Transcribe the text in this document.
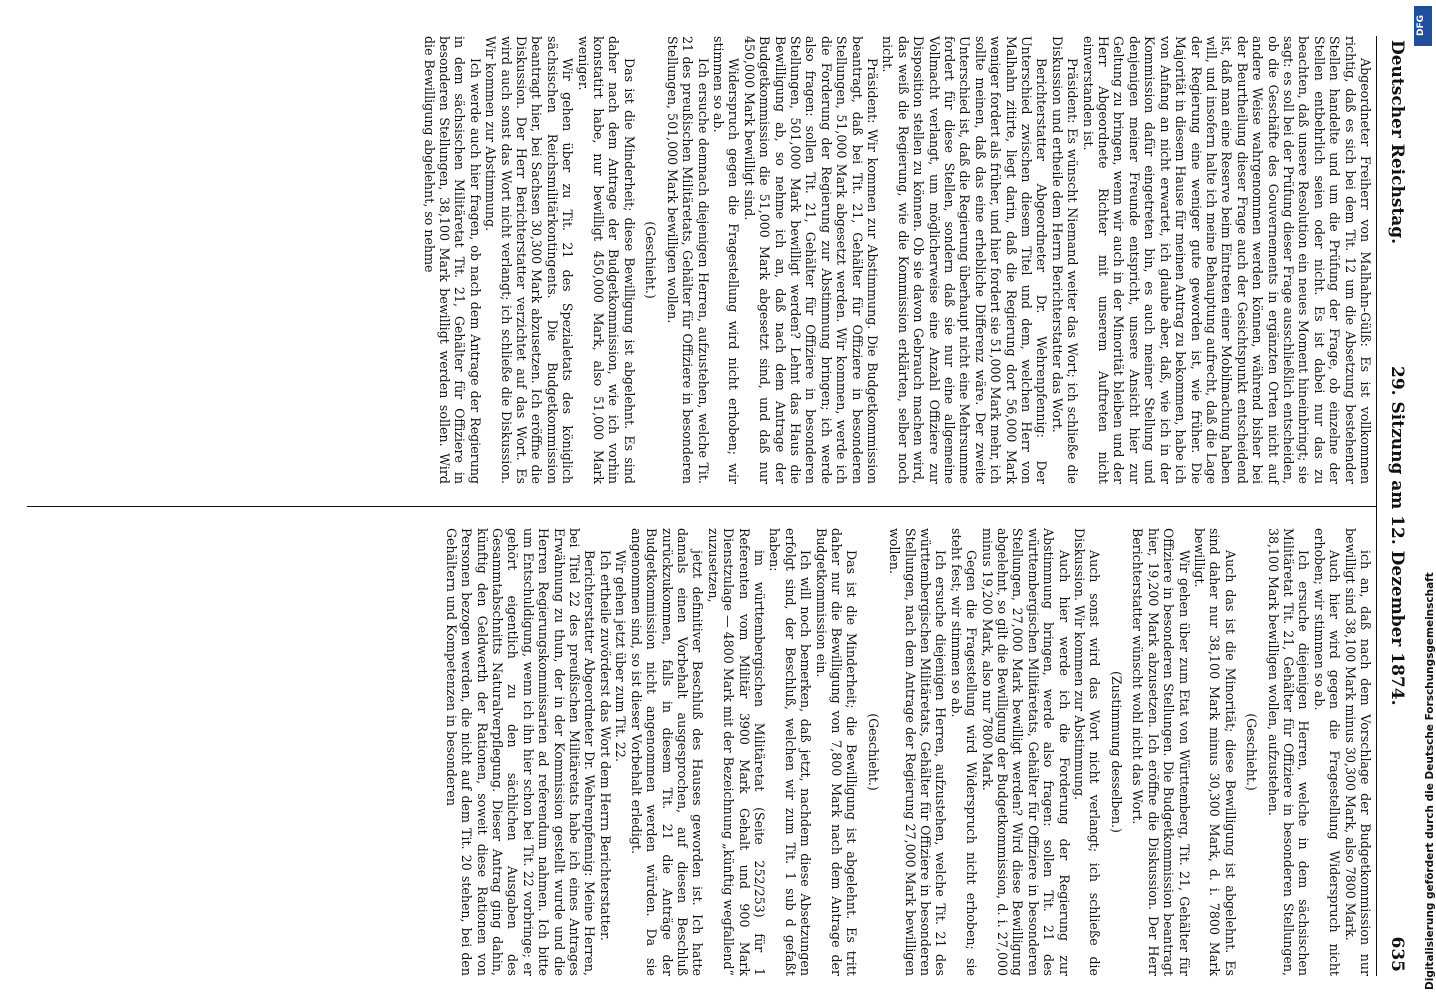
Deutscher Reichstag.
29. Sitzung am 12. Dezember 1874.
635

Abgeordneter Freiherr von Malhahn-Gülß: Es ist vollkommen richtig, daß es sich bei dem Tit. 12 um die Absetzung bestehender Stellen handelte und um die Prüfung der Frage, ob einzelne der Stellen entbehrlich seien oder nicht. Es ist dabei nur das zu beachten, daß unsere Resolution ein neues Moment hineinbringt; sie sagt: es soll bei der Prüfung dieser Frage ausschließlich entscheiden, ob die Geschäfte des Gouvernements in ergänzten Orten nicht auf andere Weise wahrgenommen werden können, während bisher bei der Beurtheilung dieser Frage auch der Gesichtspunkt entscheidend ist, daß man eine Reserve beim Eintreten einer Mobilmachung haben will, und insofern halte ich meine Behauptung aufrecht, daß die Lage der Regierung eine weniger gute geworden ist, wie früher. Die Majorität in diesem Hause für meinen Antrag zu bekommen, habe ich von Anfang an nicht erwartet, ich glaube aber, daß, wie ich in der Kommission dafür eingetreten bin, es auch meiner Stellung und denjenigen meiner Freunde entspricht, unsere Ansicht hier zur Geltung zu bringen, wenn wir auch in der Minorität bleiben und der Herr Abgeordnete Richter mit unserem Auftreten nicht einverstanden ist.

Präsident: Es wünscht Niemand weiter das Wort; ich schließe die Diskussion und ertheile dem Herrn Berichterstatter das Wort.

Berichterstatter Abgeordneter Dr. Wehrenpfennig: Der Unterschied zwischen diesem Titel und dem, welchen Herr von Malhahn zitirte, liegt darin, daß die Regierung dort 56,000 Mark weniger fordert als früher, und hier fordert sie 51,000 Mark mehr, ich sollte meinen, daß das eine erhebliche Differenz wäre. Der zweite Unterschied ist, daß die Regierung überhaupt nicht eine Mehrsumme fordert für diese Stellen, sondern daß sie nur eine allgemeine Vollmacht verlangt, um möglicherweise eine Anzahl Offiziere zur Disposition stellen zu können. Ob sie davon Gebrauch machen wird, das weiß die Regierung, wie die Kommission erklärten, selber noch nicht.

Präsident: Wir kommen zur Abstimmung. Die Budgetkommission beantragt, daß bei Tit. 21, Gehälter für Offiziere in besonderen Stellungen, 51,000 Mark abgesetzt werden. Wir kommen, werde ich die Forderung der Regierung zur Abstimmung bringen; ich werde also fragen: sollen Tit. 21, Gehälter für Offiziere in besonderen Stellungen, 501,000 Mark bewilligt werden? Lehnt das Haus die Bewilligung ab, so nehme ich an, daß nach dem Antrage der Budgetkommission die 51,000 Mark abgesetzt sind, und daß nur 450,000 Mark bewilligt sind.

Widerspruch gegen die Fragestellung wird nicht erhoben; wir stimmen so ab.

Ich ersuche demnach diejenigen Herren, aufzustehen, welche Tit. 21 des preußischen Militäretats, Gehälter für Offiziere in besonderen Stellungen, 501,000 Mark bewilligen wollen.

(Geschieht.)

Das ist die Minderheit; diese Bewilligung ist abgelehnt. Es sind daher nach dem Antrage der Budgetkommission, wie ich vorhin konstatirt habe, nur bewilligt 450,000 Mark, also 51,000 Mark weniger.

Wir gehen über zu Tit. 21 des Spezialetats des königlich sächsischen Reichsmilitärkontingents. Die Budgetkommission beantragt hier, bei Sachsen 30,300 Mark abzusetzen. Ich eröffne die Diskussion. Der Herr Berichterstatter verzichtet auf das Wort. Es wird auch sonst das Wort nicht verlangt; ich schließe die Diskussion. Wir kommen zur Abstimmung.

Ich werde auch hier fragen, ob nach dem Antrage der Regierung in dem sächsischen Militäretat Tit. 21, Gehälter für Offiziere in besonderen Stellungen, 38,100 Mark bewilligt werden sollen. Wird die Bewilligung abgelehnt, so nehme

ich an, daß nach dem Vorschlage der Budgetkommission nur bewilligt sind 38,100 Mark minus 30,300 Mark, also 7800 Mark.

Auch hier wird gegen die Fragestellung Widerspruch nicht erhoben; wir stimmen so ab.

Ich ersuche diejenigen Herren, welche in dem sächsischen Militäretat Tit. 21, Gehälter für Offiziere in besonderen Stellungen, 38,100 Mark bewilligen wollen, aufzustehen.

(Geschieht.)

Auch das ist die Minorität; diese Bewilligung ist abgelehnt. Es sind daher nur 38,100 Mark minus 30,300 Mark, d. i. 7800 Mark bewilligt.

Wir gehen über zum Etat von Württemberg, Tit. 21, Gehälter für Offiziere in besonderen Stellungen. Die Budgetkommission beantragt hier, 19,200 Mark abzusetzen. Ich eröffne die Diskussion. Der Herr Berichterstatter wünscht wohl nicht das Wort.

(Zustimmung desselben.)

Auch sonst wird das Wort nicht verlangt; ich schließe die Diskussion. Wir kommen zur Abstimmung.

Auch hier werde ich die Forderung der Regierung zur Abstimmung bringen, werde also fragen: sollen Tit. 21 des württembergischen Militäretats, Gehälter für Offiziere in besonderen Stellungen, 27,000 Mark bewilligt werden? Wird diese Bewilligung abgelehnt, so gilt die Bewilligung der Budgetkommission, d. i. 27,000 minus 19,200 Mark, also nur 7800 Mark.

Gegen die Fragestellung wird Widerspruch nicht erhoben; sie steht fest; wir stimmen so ab.

Ich ersuche diejenigen Herren, aufzustehen, welche Tit. 21 des württembergischen Militäretats, Gehälter für Offiziere in besonderen Stellungen, nach dem Antrage der Regierung 27,000 Mark bewilligen wollen.

(Geschieht.)

Das ist die Minderheit; die Bewilligung ist abgelehnt. Es tritt daher nur die Bewilligung von 7,800 Mark nach dem Antrage der Budgetkommission ein.

Ich will noch bemerken, daß jetzt, nachdem diese Absetzungen erfolgt sind, der Beschluß, welchen wir zum Tit. 1 sub d gefaßt haben:

im württembergischen Militäretat (Seite 252/253) für 1 Referenten vom Militär 3900 Mark Gehalt und 900 Mark Dienstzulage — 4800 Mark mit der Bezeichnung „künftig wegfallend“ zuzusetzen,

jetzt definitiver Beschluß des Hauses geworden ist. Ich hatte damals einen Vorbehalt ausgesprochen, auf diesen Beschluß zurückzukommen, falls in diesem Tit. 21 die Anträge der Budgetkommission nicht angenommen werden würden. Da sie angenommen sind, so ist dieser Vorbehalt erledigt.

Wir gehen jetzt über zum Tit. 22.

Ich ertheile zuvörderst das Wort dem Herrn Berichterstatter.

Berichterstatter Abgeordneter Dr. Wehrenpfennig: Meine Herren, bei Titel 22 des preußischen Militäretats habe ich eines Antrages Erwähnung zu thun, der in der Kommission gestellt wurde und die Herren Regierungskommissarien ad referendum nahmen. Ich bitte um Entschuldigung, wenn ich ihn hier schon bei Tit. 22 vorbringe; er gehört eigentlich zu den sächlichen Ausgaben des Gesammtabschnitts Naturalverpflegung. Dieser Antrag ging dahin, künftig den Geldwerth der Rationen, soweit diese Rationen von Personen bezogen werden, die nicht auf dem Tit. 20 stehen, bei den Gehältern und Kompetenzen in besonderen

DFG
Digitalisierung gefördert durch die Deutsche Forschungsgemeinschaft
